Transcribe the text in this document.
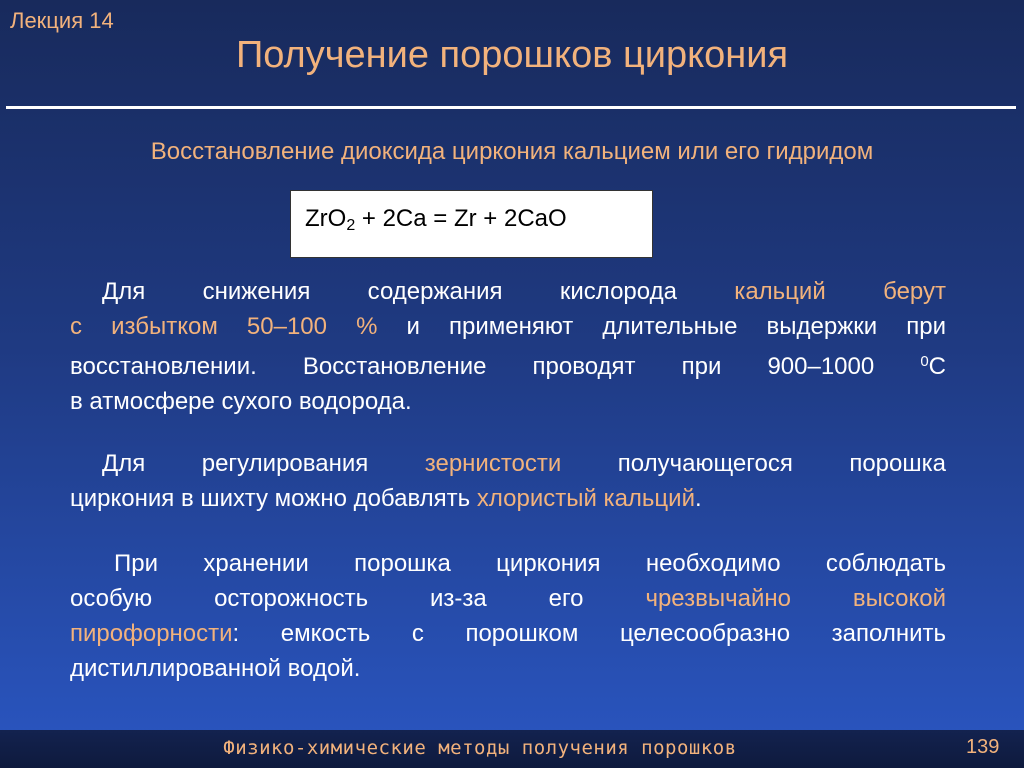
Лекция 14
Получение порошков циркония
Восстановление диоксида циркония кальцием или его гидридом
ZrO$_2$ + 2Ca = Zr + 2CaO
Для снижения содержания кислорода кальций берут
с избытком 50–100 % и применяют длительные выдержки при
восстановлении. Восстановление проводят при 900–1000 $^0$C
в атмосфере сухого водорода.
Для регулирования зернистости получающегося порошка
циркония в шихту можно добавлять хлористый кальций.
При хранении порошка циркония необходимо соблюдать
особую осторожность из-за его чрезвычайно высокой
пирофорности: емкость с порошком целесообразно заполнить
дистиллированной водой.
Физико-химические методы получения порошков	139
